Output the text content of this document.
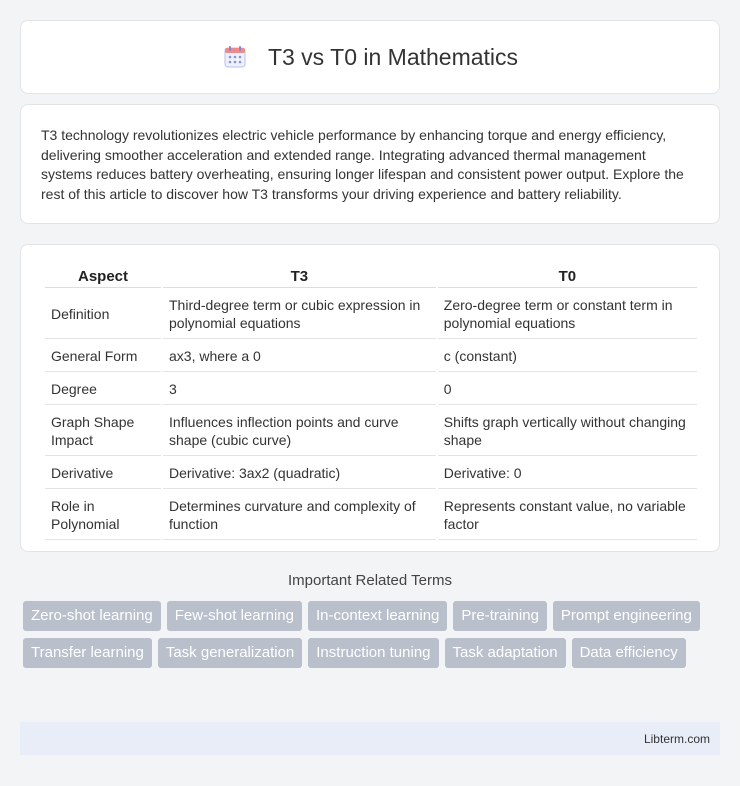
T3 vs T0 in Mathematics

T3 technology revolutionizes electric vehicle performance by enhancing torque and energy efficiency, delivering smoother acceleration and extended range. Integrating advanced thermal management systems reduces battery overheating, ensuring longer lifespan and consistent power output. Explore the rest of this article to discover how T3 transforms your driving experience and battery reliability.

Aspect	T3	T0
Definition	Third-degree term or cubic expression in polynomial equations	Zero-degree term or constant term in polynomial equations
General Form	ax3, where a 0	c (constant)
Degree	3	0
Graph Shape Impact	Influences inflection points and curve shape (cubic curve)	Shifts graph vertically without changing shape
Derivative	Derivative: 3ax2 (quadratic)	Derivative: 0
Role in Polynomial	Determines curvature and complexity of function	Represents constant value, no variable factor
Important Related Terms
Zero-shot learning	Few-shot learning	In-context learning	Pre-training	Prompt engineering
Transfer learning	Task generalization	Instruction tuning	Task adaptation	Data efficiency
Libterm.com
